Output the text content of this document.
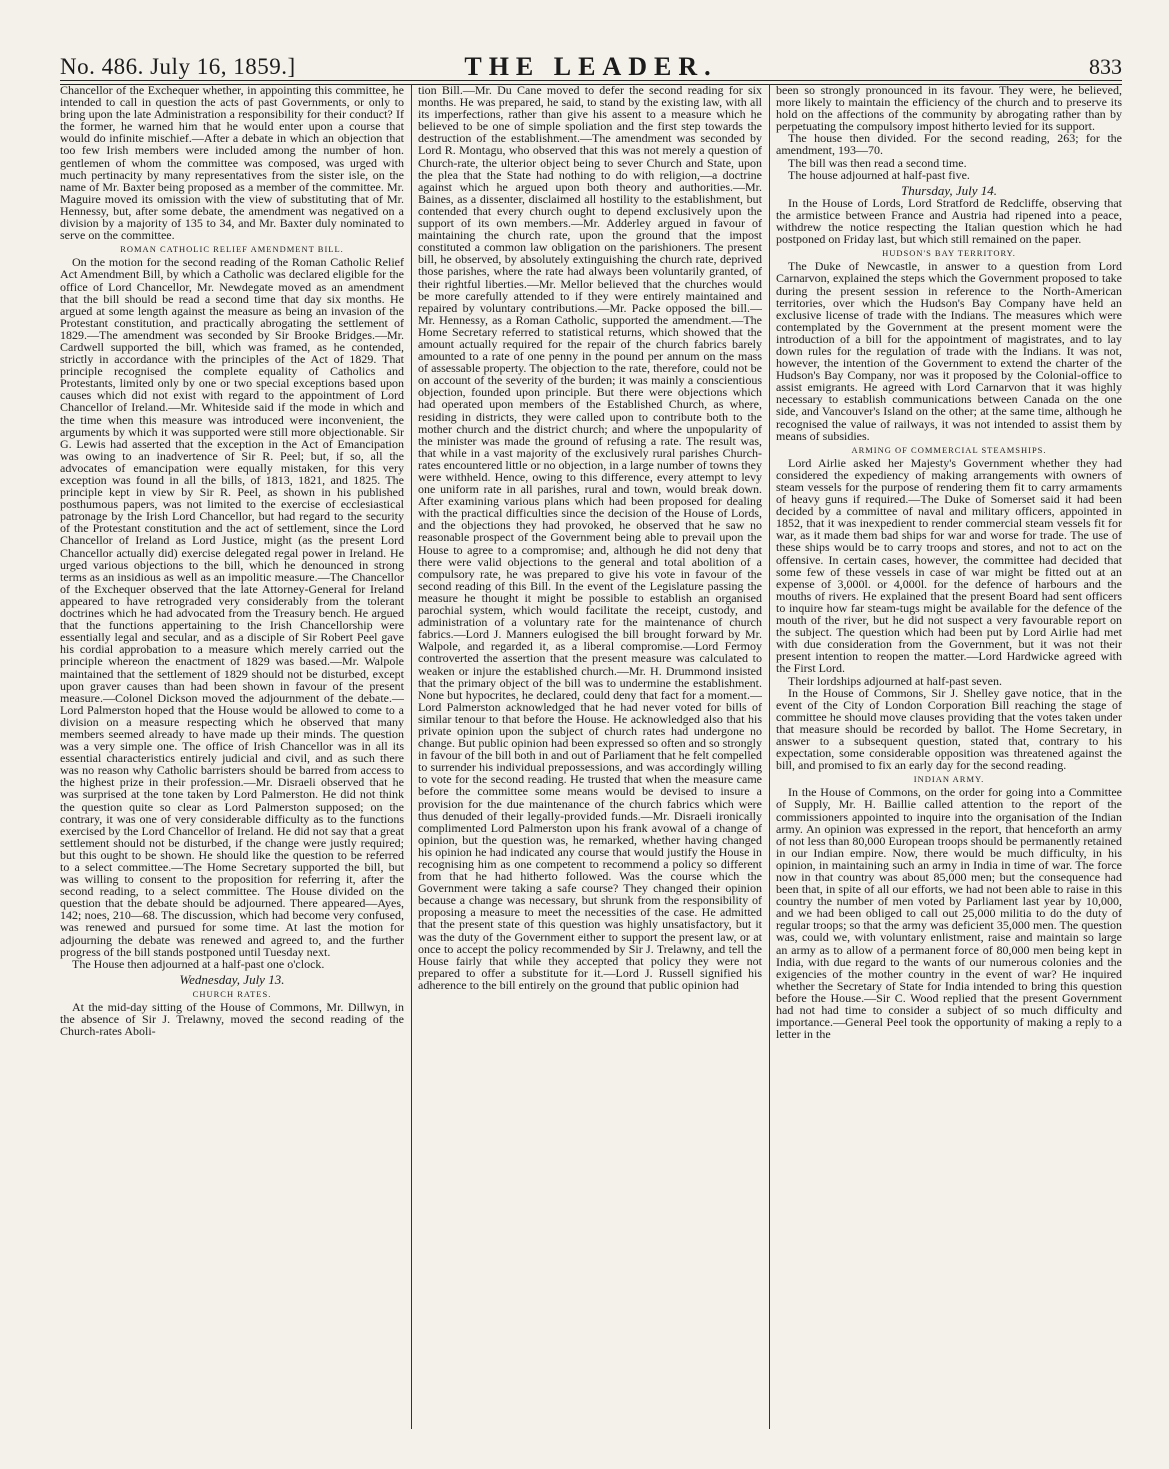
No. 486. July 16, 1859.]	THE LEADER.	833

Chancellor of the Exchequer whether, in appointing this committee, he intended to call in question the acts of past Governments, or only to bring upon the late Administration a responsibility for their conduct? If the former, he warned him that he would enter upon a course that would do infinite mischief.—After a debate in which an objection that too few Irish members were included among the number of hon. gentlemen of whom the committee was composed, was urged with much pertinacity by many representatives from the sister isle, on the name of Mr. Baxter being proposed as a member of the committee. Mr. Maguire moved its omission with the view of substituting that of Mr. Hennessy, but, after some debate, the amendment was negatived on a division by a majority of 135 to 34, and Mr. Baxter duly nominated to serve on the committee.

ROMAN CATHOLIC RELIEF AMENDMENT BILL.

On the motion for the second reading of the Roman Catholic Relief Act Amendment Bill, by which a Catholic was declared eligible for the office of Lord Chancellor, Mr. Newdegate moved as an amendment that the bill should be read a second time that day six months. He argued at some length against the measure as being an invasion of the Protestant constitution, and practically abrogating the settlement of 1829.—The amendment was seconded by Sir Brooke Bridges.—Mr. Cardwell supported the bill, which was framed, as he contended, strictly in accordance with the principles of the Act of 1829. That principle recognised the complete equality of Catholics and Protestants, limited only by one or two special exceptions based upon causes which did not exist with regard to the appointment of Lord Chancellor of Ireland.—Mr. Whiteside said if the mode in which and the time when this measure was introduced were inconvenient, the arguments by which it was supported were still more objectionable. Sir G. Lewis had asserted that the exception in the Act of Emancipation was owing to an inadvertence of Sir R. Peel; but, if so, all the advocates of emancipation were equally mistaken, for this very exception was found in all the bills, of 1813, 1821, and 1825. The principle kept in view by Sir R. Peel, as shown in his published posthumous papers, was not limited to the exercise of ecclesiastical patronage by the Irish Lord Chancellor, but had regard to the security of the Protestant constitution and the act of settlement, since the Lord Chancellor of Ireland as Lord Justice, might (as the present Lord Chancellor actually did) exercise delegated regal power in Ireland. He urged various objections to the bill, which he denounced in strong terms as an insidious as well as an impolitic measure.—The Chancellor of the Exchequer observed that the late Attorney-General for Ireland appeared to have retrograded very considerably from the tolerant doctrines which he had advocated from the Treasury bench. He argued that the functions appertaining to the Irish Chancellorship were essentially legal and secular, and as a disciple of Sir Robert Peel gave his cordial approbation to a measure which merely carried out the principle whereon the enactment of 1829 was based.—Mr. Walpole maintained that the settlement of 1829 should not be disturbed, except upon graver causes than had been shown in favour of the present measure.—Colonel Dickson moved the adjournment of the debate.—Lord Palmerston hoped that the House would be allowed to come to a division on a measure respecting which he observed that many members seemed already to have made up their minds. The question was a very simple one. The office of Irish Chancellor was in all its essential characteristics entirely judicial and civil, and as such there was no reason why Catholic barristers should be barred from access to the highest prize in their profession.—Mr. Disraeli observed that he was surprised at the tone taken by Lord Palmerston. He did not think the question quite so clear as Lord Palmerston supposed; on the contrary, it was one of very considerable difficulty as to the functions exercised by the Lord Chancellor of Ireland. He did not say that a great settlement should not be disturbed, if the change were justly required; but this ought to be shown. He should like the question to be referred to a select committee.—The Home Secretary supported the bill, but was willing to consent to the proposition for referring it, after the second reading, to a select committee. The House divided on the question that the debate should be adjourned. There appeared—Ayes, 142; noes, 210—68. The discussion, which had become very confused, was renewed and pursued for some time. At last the motion for adjourning the debate was renewed and agreed to, and the further progress of the bill stands postponed until Tuesday next.

The House then adjourned at a half-past one o'clock.

Wednesday, July 13.

CHURCH RATES.

At the mid-day sitting of the House of Commons, Mr. Dillwyn, in the absence of Sir J. Trelawny, moved the second reading of the Church-rates Aboli-

tion Bill.—Mr. Du Cane moved to defer the second reading for six months. He was prepared, he said, to stand by the existing law, with all its imperfections, rather than give his assent to a measure which he believed to be one of simple spoliation and the first step towards the destruction of the establishment.—The amendment was seconded by Lord R. Montagu, who observed that this was not merely a question of Church-rate, the ulterior object being to sever Church and State, upon the plea that the State had nothing to do with religion,—a doctrine against which he argued upon both theory and authorities.—Mr. Baines, as a dissenter, disclaimed all hostility to the establishment, but contended that every church ought to depend exclusively upon the support of its own members.—Mr. Adderley argued in favour of maintaining the church rate, upon the ground that the impost constituted a common law obligation on the parishioners. The present bill, he observed, by absolutely extinguishing the church rate, deprived those parishes, where the rate had always been voluntarily granted, of their rightful liberties.—Mr. Mellor believed that the churches would be more carefully attended to if they were entirely maintained and repaired by voluntary contributions.—Mr. Packe opposed the bill.—Mr. Hennessy, as a Roman Catholic, supported the amendment.—The Home Secretary referred to statistical returns, which showed that the amount actually required for the repair of the church fabrics barely amounted to a rate of one penny in the pound per annum on the mass of assessable property. The objection to the rate, therefore, could not be on account of the severity of the burden; it was mainly a conscientious objection, founded upon principle. But there were objections which had operated upon members of the Established Church, as where, residing in districts, they were called upon to contribute both to the mother church and the district church; and where the unpopularity of the minister was made the ground of refusing a rate. The result was, that while in a vast majority of the exclusively rural parishes Church-rates encountered little or no objection, in a large number of towns they were withheld. Hence, owing to this difference, every attempt to levy one uniform rate in all parishes, rural and town, would break down. After examining various plans which had been proposed for dealing with the practical difficulties since the decision of the House of Lords, and the objections they had provoked, he observed that he saw no reasonable prospect of the Government being able to prevail upon the House to agree to a compromise; and, although he did not deny that there were valid objections to the general and total abolition of a compulsory rate, he was prepared to give his vote in favour of the second reading of this Bill. In the event of the Legislature passing the measure he thought it might be possible to establish an organised parochial system, which would facilitate the receipt, custody, and administration of a voluntary rate for the maintenance of church fabrics.—Lord J. Manners eulogised the bill brought forward by Mr. Walpole, and regarded it, as a liberal compromise.—Lord Fermoy controverted the assertion that the present measure was calculated to weaken or injure the established church.—Mr. H. Drummond insisted that the primary object of the bill was to undermine the establishment. None but hypocrites, he declared, could deny that fact for a moment.—Lord Palmerston acknowledged that he had never voted for bills of similar tenour to that before the House. He acknowledged also that his private opinion upon the subject of church rates had undergone no change. But public opinion had been expressed so often and so strongly in favour of the bill both in and out of Parliament that he felt compelled to surrender his individual prepossessions, and was accordingly willing to vote for the second reading. He trusted that when the measure came before the committee some means would be devised to insure a provision for the due maintenance of the church fabrics which were thus denuded of their legally-provided funds.—Mr. Disraeli ironically complimented Lord Palmerston upon his frank avowal of a change of opinion, but the question was, he remarked, whether having changed his opinion he had indicated any course that would justify the House in recognising him as one competent to recommend a policy so different from that he had hitherto followed. Was the course which the Government were taking a safe course? They changed their opinion because a change was necessary, but shrunk from the responsibility of proposing a measure to meet the necessities of the case. He admitted that the present state of this question was highly unsatisfactory, but it was the duty of the Government either to support the present law, or at once to accept the policy recommended by Sir J. Trelawny, and tell the House fairly that while they accepted that policy they were not prepared to offer a substitute for it.—Lord J. Russell signified his adherence to the bill entirely on the ground that public opinion had

been so strongly pronounced in its favour. They were, he believed, more likely to maintain the efficiency of the church and to preserve its hold on the affections of the community by abrogating rather than by perpetuating the compulsory impost hitherto levied for its support.

The house then divided. For the second reading, 263; for the amendment, 193—70.

The bill was then read a second time.

The house adjourned at half-past five.

Thursday, July 14.

In the House of Lords, Lord Stratford de Redcliffe, observing that the armistice between France and Austria had ripened into a peace, withdrew the notice respecting the Italian question which he had postponed on Friday last, but which still remained on the paper.

HUDSON'S BAY TERRITORY.

The Duke of Newcastle, in answer to a question from Lord Carnarvon, explained the steps which the Government proposed to take during the present session in reference to the North-American territories, over which the Hudson's Bay Company have held an exclusive license of trade with the Indians. The measures which were contemplated by the Government at the present moment were the introduction of a bill for the appointment of magistrates, and to lay down rules for the regulation of trade with the Indians. It was not, however, the intention of the Government to extend the charter of the Hudson's Bay Company, nor was it proposed by the Colonial-office to assist emigrants. He agreed with Lord Carnarvon that it was highly necessary to establish communications between Canada on the one side, and Vancouver's Island on the other; at the same time, although he recognised the value of railways, it was not intended to assist them by means of subsidies.

ARMING OF COMMERCIAL STEAMSHIPS.

Lord Airlie asked her Majesty's Government whether they had considered the expediency of making arrangements with owners of steam vessels for the purpose of rendering them fit to carry armaments of heavy guns if required.—The Duke of Somerset said it had been decided by a committee of naval and military officers, appointed in 1852, that it was inexpedient to render commercial steam vessels fit for war, as it made them bad ships for war and worse for trade. The use of these ships would be to carry troops and stores, and not to act on the offensive. In certain cases, however, the committee had decided that some few of these vessels in case of war might be fitted out at an expense of 3,000l. or 4,000l. for the defence of harbours and the mouths of rivers. He explained that the present Board had sent officers to inquire how far steam-tugs might be available for the defence of the mouth of the river, but he did not suspect a very favourable report on the subject. The question which had been put by Lord Airlie had met with due consideration from the Government, but it was not their present intention to reopen the matter.—Lord Hardwicke agreed with the First Lord.

Their lordships adjourned at half-past seven.

In the House of Commons, Sir J. Shelley gave notice, that in the event of the City of London Corporation Bill reaching the stage of committee he should move clauses providing that the votes taken under that measure should be recorded by ballot. The Home Secretary, in answer to a subsequent question, stated that, contrary to his expectation, some considerable opposition was threatened against the bill, and promised to fix an early day for the second reading.

INDIAN ARMY.

In the House of Commons, on the order for going into a Committee of Supply, Mr. H. Baillie called attention to the report of the commissioners appointed to inquire into the organisation of the Indian army. An opinion was expressed in the report, that henceforth an army of not less than 80,000 European troops should be permanently retained in our Indian empire. Now, there would be much difficulty, in his opinion, in maintaining such an army in India in time of war. The force now in that country was about 85,000 men; but the consequence had been that, in spite of all our efforts, we had not been able to raise in this country the number of men voted by Parliament last year by 10,000, and we had been obliged to call out 25,000 militia to do the duty of regular troops; so that the army was deficient 35,000 men. The question was, could we, with voluntary enlistment, raise and maintain so large an army as to allow of a permanent force of 80,000 men being kept in India, with due regard to the wants of our numerous colonies and the exigencies of the mother country in the event of war? He inquired whether the Secretary of State for India intended to bring this question before the House.—Sir C. Wood replied that the present Government had not had time to consider a subject of so much difficulty and importance.—General Peel took the opportunity of making a reply to a letter in the
